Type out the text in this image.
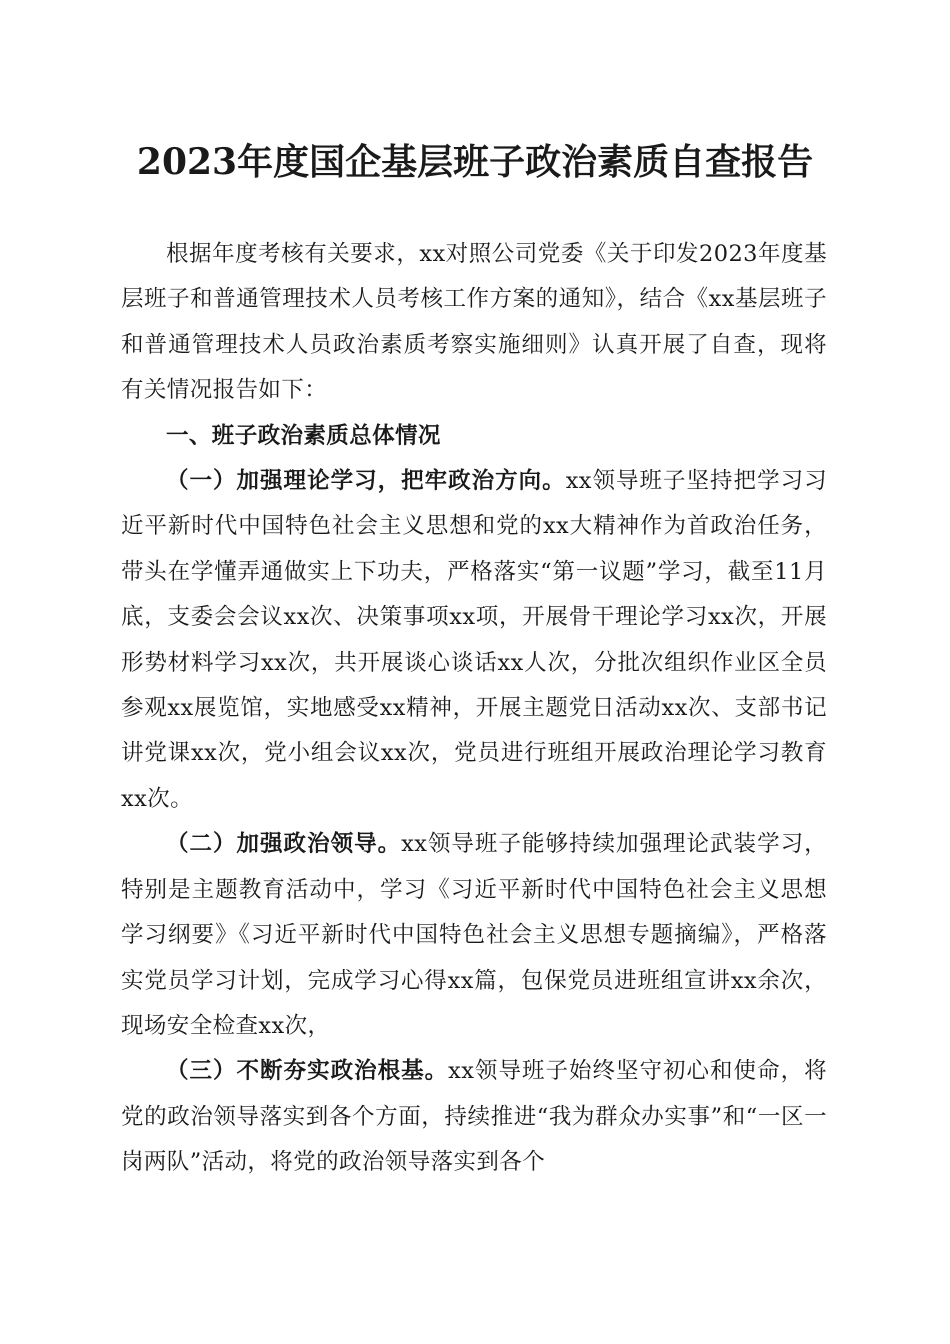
2023年度国企基层班子政治素质自查报告

根据年度考核有关要求，xx对照公司党委《关于印发2023年度基层班子和普通管理技术人员考核工作方案的通知》，结合《xx基层班子和普通管理技术人员政治素质考察实施细则》认真开展了自查，现将有关情况报告如下：

一、班子政治素质总体情况

（一）加强理论学习，把牢政治方向。xx领导班子坚持把学习习近平新时代中国特色社会主义思想和党的xx大精神作为首政治任务，带头在学懂弄通做实上下功夫，严格落实“第一议题”学习，截至11月底，支委会会议xx次、决策事项xx项，开展骨干理论学习xx次，开展形势材料学习xx次，共开展谈心谈话xx人次，分批次组织作业区全员参观xx展览馆，实地感受xx精神，开展主题党日活动xx次、支部书记讲党课xx次，党小组会议xx次，党员进行班组开展政治理论学习教育xx次。

（二）加强政治领导。xx领导班子能够持续加强理论武装学习，特别是主题教育活动中，学习《习近平新时代中国特色社会主义思想学习纲要》《习近平新时代中国特色社会主义思想专题摘编》，严格落实党员学习计划，完成学习心得xx篇，包保党员进班组宣讲xx余次，现场安全检查xx次，

（三）不断夯实政治根基。xx领导班子始终坚守初心和使命，将党的政治领导落实到各个方面，持续推进“我为群众办实事”和“一区一岗两队”活动，将党的政治领导落实到各个
